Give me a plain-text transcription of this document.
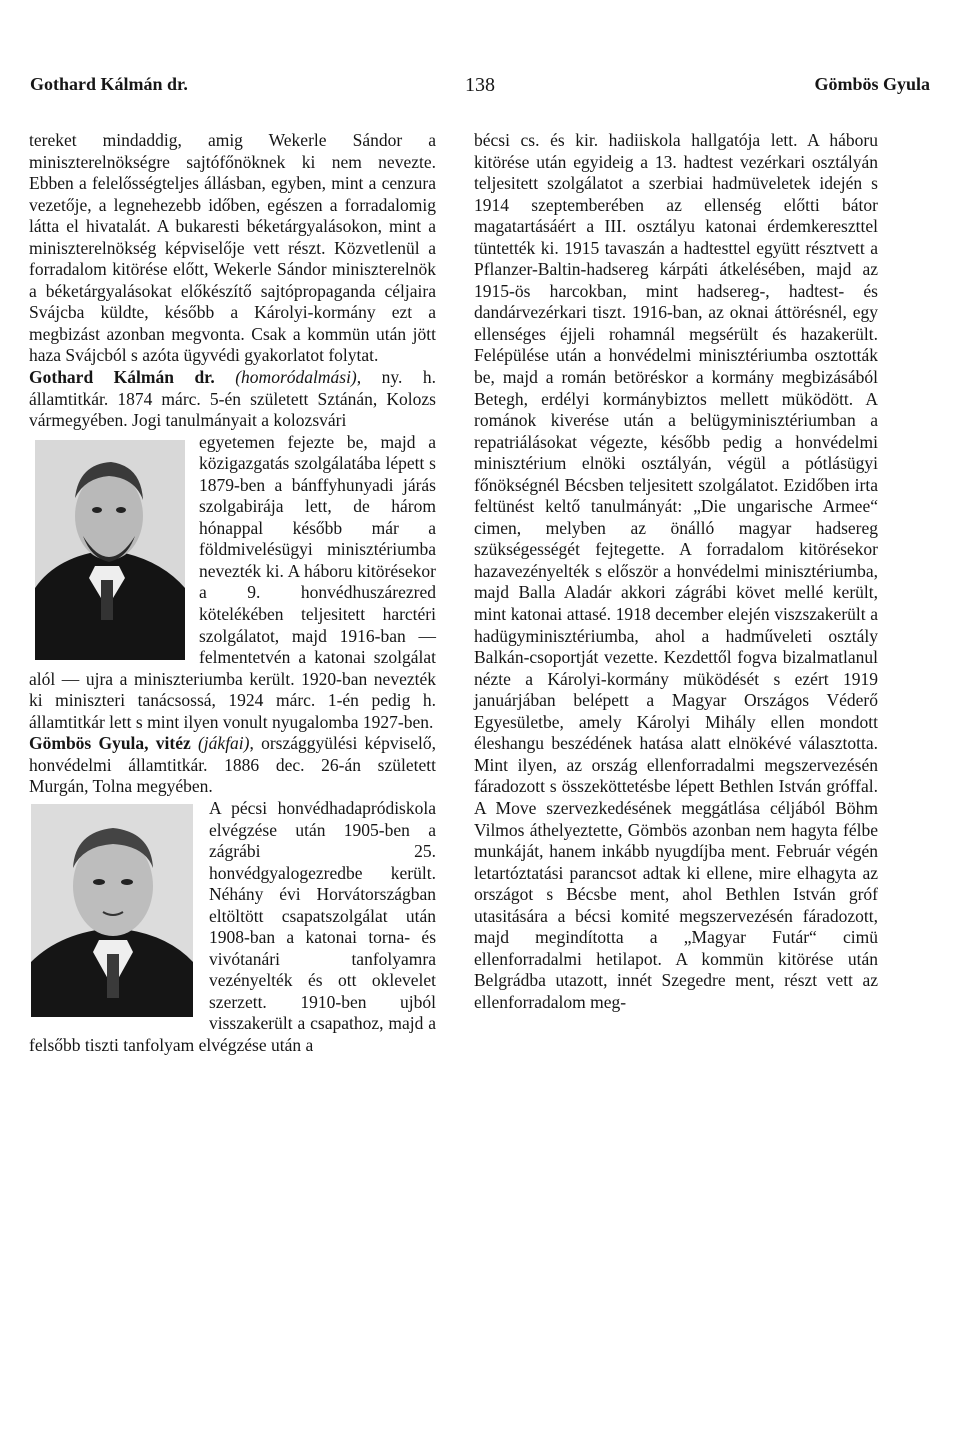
Gothard Kálmán dr.	138	Gömbös Gyula

tereket mindaddig, amig Wekerle Sándor a miniszterelnökségre sajtófőnöknek ki nem nevezte. Ebben a felelősségteljes állásban, egyben, mint a cenzura vezetője, a legnehezebb időben, egészen a forradalomig látta el hivatalát. A bukaresti béketárgyalásokon, mint a miniszterelnökség képviselője vett részt. Közvetlenül a forradalom kitörése előtt, Wekerle Sándor miniszterelnök a béketárgyalásokat előkészítő sajtópropaganda céljaira Svájcba küldte, később a Károlyi-kormány ezt a megbizást azonban megvonta. Csak a kommün után jött haza Svájcból s azóta ügyvédi gyakorlatot folytat.

Gothard Kálmán dr. (homoródalmási), ny. h. államtitkár. 1874 márc. 5-én született Sztánán, Kolozs vármegyében. Jogi tanulmányait a kolozsvári

egyetemen fejezte be, majd a közigazgatás szolgálatába lépett s 1879-ben a bánffyhunyadi járás szolgabirája lett, de három hónappal később már a földmivelésügyi minisztériumba nevezték ki. A háboru kitörésekor a 9. honvédhuszárezred kötelékében teljesitett harctéri szolgálatot, majd 1916-ban — felmentetvén a katonai szolgálat alól — ujra a miniszteriumba került. 1920-ban nevezték ki miniszteri tanácsossá, 1924 márc. 1-én pedig h. államtitkár lett s mint ilyen vonult nyugalomba 1927-ben.

Gömbös Gyula, vitéz (jákfai), országgyülési képviselő, honvédelmi államtitkár. 1886 dec. 26-án született Murgán, Tolna megyében.

A pécsi honvédhadapródiskola elvégzése után 1905-ben a zágrábi 25. honvédgyalogezredbe került. Néhány évi Horvátországban eltöltött csapatszolgálat után 1908-ban a katonai torna- és vivótanári tanfolyamra vezényelték és ott oklevelet szerzett. 1910-ben ujból visszakerült a csapathoz, majd a felsőbb tiszti tanfolyam elvégzése után a

bécsi cs. és kir. hadiiskola hallgatója lett. A háboru kitörése után egyideig a 13. hadtest vezérkari osztályán teljesitett szolgálatot a szerbiai hadmüveletek idején s 1914 szeptemberében az ellenség előtti bátor magatartásáért a III. osztályu katonai érdemkereszttel tüntették ki. 1915 tavaszán a hadtesttel együtt résztvett a Pflanzer-Baltin-hadsereg kárpáti átkelésében, majd az 1915-ös harcokban, mint hadsereg-, hadtest- és dandárvezérkari tiszt. 1916-ban, az oknai áttörésnél, egy ellenséges éjjeli rohamnál megsérült és hazakerült. Felépülése után a honvédelmi minisztériumba osztották be, majd a román betöréskor a kormány megbizásából Betegh, erdélyi kormánybiztos mellett müködött. A románok kiverése után a belügyminisztériumban a repatriálásokat végezte, később pedig a honvédelmi minisztérium elnöki osztályán, végül a pótlásügyi főnökségnél Bécsben teljesitett szolgálatot. Ezidőben irta feltünést keltő tanulmányát: „Die ungarische Armee“ cimen, melyben az önálló magyar hadsereg szükségességét fejtegette. A forradalom kitörésekor hazavezényelték s először a honvédelmi minisztériumba, majd Balla Aladár akkori zágrábi követ mellé került, mint katonai attasé. 1918 december elején viszszakerült a hadügyminisztériumba, ahol a hadműveleti osztály Balkán-csoportját vezette. Kezdettől fogva bizalmatlanul nézte a Károlyi-kormány müködését s ezért 1919 januárjában belépett a Magyar Országos Véderő Egyesületbe, amely Károlyi Mihály ellen mondott éleshangu beszédének hatása alatt elnökévé választotta. Mint ilyen, az ország ellenforradalmi megszervezésén fáradozott s összeköttetésbe lépett Bethlen István gróffal. A Move szervezkedésének meggátlása céljából Böhm Vilmos áthelyeztette, Gömbös azonban nem hagyta félbe munkáját, hanem inkább nyugdíjba ment. Február végén letartóztatási parancsot adtak ki ellene, mire elhagyta az országot s Bécsbe ment, ahol Bethlen István gróf utasitására a bécsi komité megszervezésén fáradozott, majd megindította a „Magyar Futár“ cimü ellenforradalmi hetilapot. A kommün kitörése után Belgrádba utazott, innét Szegedre ment, részt vett az ellenforradalom meg-
